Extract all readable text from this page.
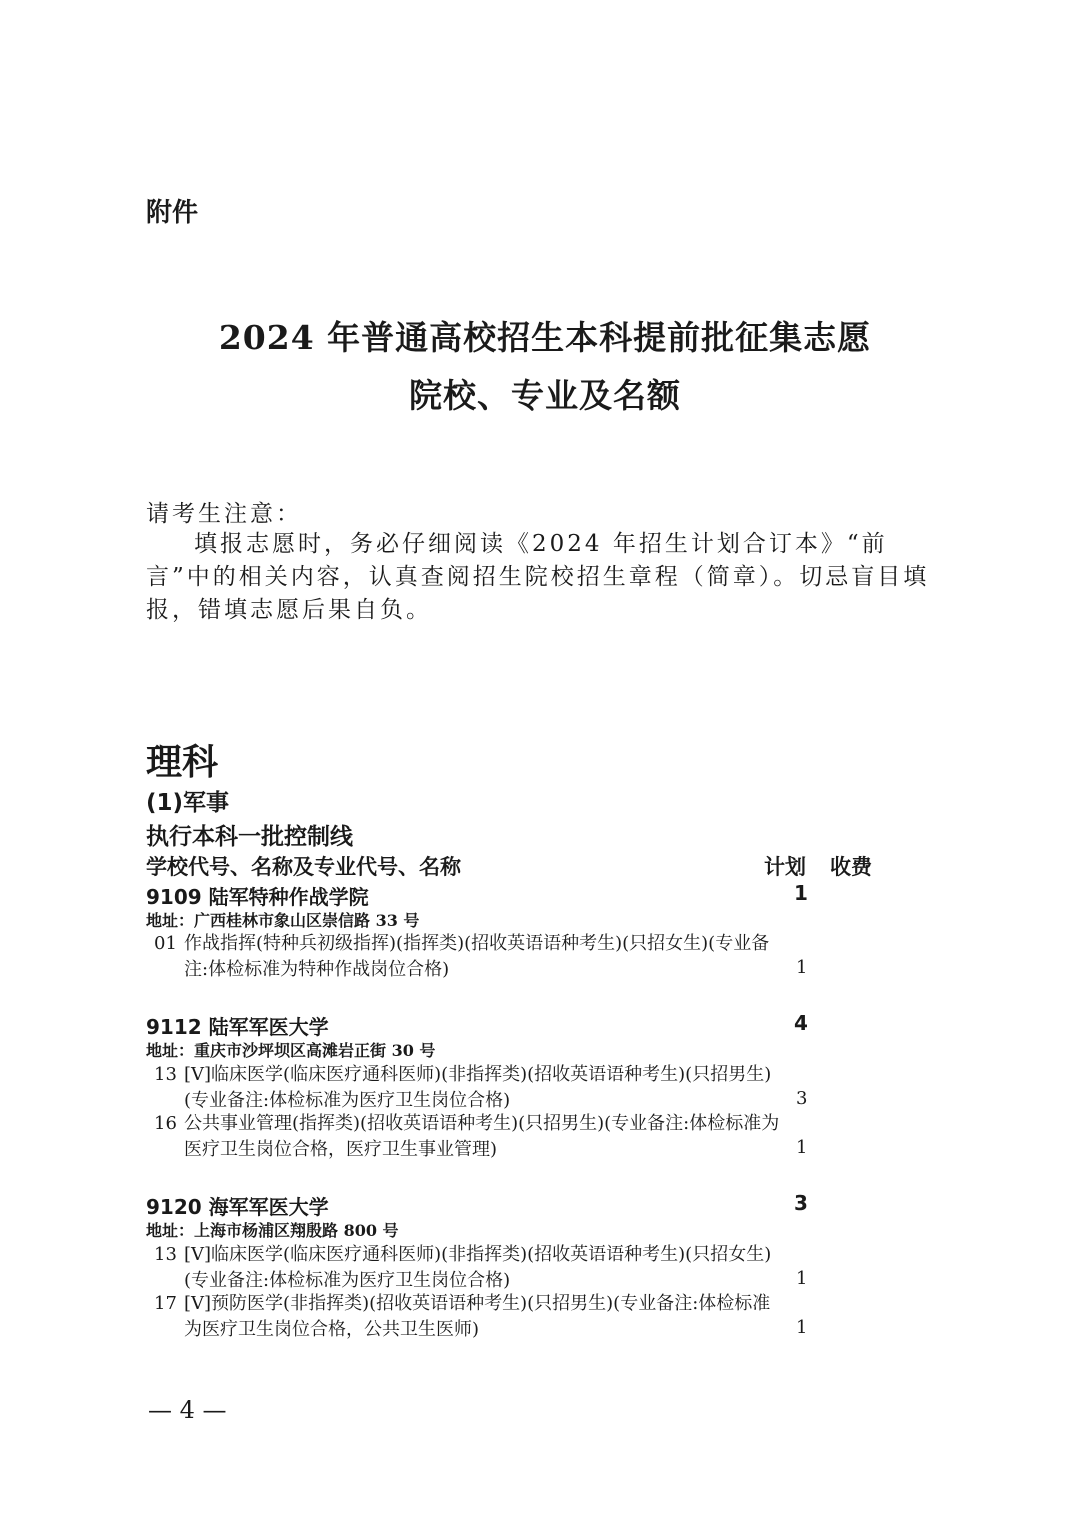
附件
2024 年普通高校招生本科提前批征集志愿
院校、专业及名额
请考生注意：
填报志愿时，务必仔细阅读《2024 年招生计划合订本》“前言”中的相关内容，认真查阅招生院校招生章程（简章）。切忌盲目填报，错填志愿后果自负。
理科
(1)军事
执行本科一批控制线
学校代号、名称及专业代号、名称	计划 收费
9109 陆军特种作战学院	1
地址：广西桂林市象山区崇信路 33 号
01 作战指挥(特种兵初级指挥)(指挥类)(招收英语语种考生)(只招女生)(专业备注:体检标准为特种作战岗位合格)	1
9112 陆军军医大学	4
地址：重庆市沙坪坝区高滩岩正街 30 号
13 [Ⅴ]临床医学(临床医疗通科医师)(非指挥类)(招收英语语种考生)(只招男生)(专业备注:体检标准为医疗卫生岗位合格)	3
16 公共事业管理(指挥类)(招收英语语种考生)(只招男生)(专业备注:体检标准为医疗卫生岗位合格，医疗卫生事业管理)	1
9120 海军军医大学	3
地址：上海市杨浦区翔殷路 800 号
13 [Ⅴ]临床医学(临床医疗通科医师)(非指挥类)(招收英语语种考生)(只招女生)(专业备注:体检标准为医疗卫生岗位合格)	1
17 [Ⅴ]预防医学(非指挥类)(招收英语语种考生)(只招男生)(专业备注:体检标准为医疗卫生岗位合格，公共卫生医师)	1
— 4 —
